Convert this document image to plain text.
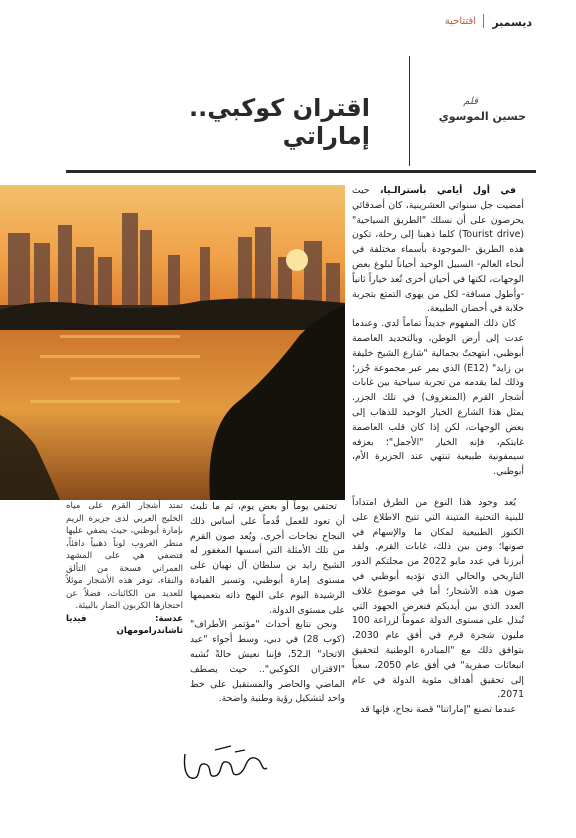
ديسمبر
افتتاحية
قلم
حسين الموسوي
اقتران كوكبي.. إماراتي

في أول أيامي بأسترالـيا، حيث أمضيت جل سنواتي العشرينية، كان أصدقائي يحرصون على أن نسلك "الطريق السياحية" (Tourist drive) كلما ذهبنا إلى رحلة، تكون هذه الطريق -الموجودة بأسماء مختلفة في أنحاء العالم- السبيل الوحيد أحياناً لبلوغ بعض الوجهات، لكنها في أحيان أخرى تُعد خياراً ثانياً -وأطول مسافة- لكل من يهوى التمتع بتجربة خلابة في أحضان الطبيعة.

كان ذلك المفهوم جديداً تماماً لدي. وعندما عدت إلى أرض الوطن، وبالتحديد العاصمة أبوظبي، ابتهجتُ بجمالية "شارع الشيخ خليفة بن زايد" (E12) الذي يمر عبر مجموعة جُزر؛ وذلك لما يقدمه من تجربة سياحية بين غابات أشجار القرم (المنغروف) في تلك الجزر. يمثل هذا الشارع الخيار الوحيد للذهاب إلى بعض الوجهات، لكن إذا كان قلب العاصمة غايتكم، فإنه الخيار "الأجمل"؛ بعزفه سيمفونية طبيعية تنتهي عند الجزيرة الأم، أبوظبي.

يُعد وجود هذا النوع من الطرق امتداداً للبنية التحتية المتينة التي تتيح الاطلاع على الكنوز الطبيعية لمكان ما والإسهام في صونها؛ ومن بين ذلك، غابات القرم. ولقد أبرزنا في عدد مايو 2022 من مجلتكم الدور التاريخي والحالي الذي تؤديه أبوظبي في صون هذه الأشجار؛ أما في موضوع غلاف العدد الذي بين أيديكم فنعرض الجهود التي تُبذل على مستوى الدولة عموماً لزراعة 100 مليون شجرة قرم في أفق عام 2030، بتوافق ذلك مع "المبادرة الوطنية لتحقيق انبعاثات صفرية" في أفق عام 2050، سعياً إلى تحقيق أهداف مئوية الدولة في عام 2071.

عندما تصنع "إماراتنا" قصة نجاح، فإنها قد

تحتفي يوماً أو بعض يوم، ثم ما تلبث أن تعود للعمل قُدماً على أساس ذلك النجاح نجاحات أخرى. ويُعد صون القرم من تلك الأمثلة التي أسسها المغفور له الشيخ زايد بن سلطان آل نهيان على مستوى إمارة أبوظبي، وتسير القيادة الرشيدة اليوم على النهج ذاته بتعميمها على مستوى الدولة.

ونحن نتابع أحداث "مؤتمر الأطراف" (كوب 28) في دبي، وسط أجواء "عيد الاتحاد" الـ52، فإننا نعيش حالةً تُشبه "الاقتران الكوكبي".. حيث يصطف الماضي والحاضر والمستقبل على خط واحد لتشكيل رؤية وطنية واضحة.

تمتد أشجار القرم على مياه الخليج العربي لدى جزيرة الريم بإمارة أبوظبي، حيث يضفي عليها منظر الغروب لوناً ذهبياً دافئاً، فتضفي هي على المشهد العمراني فسحة من التألق والنقاء، توفر هذه الأشجار موئلاً للعديد من الكائنات، فضلاً عن احتجازها الكربون الضار بالبيئة.

عدسة: فيديا ثاشاندرامومهان
